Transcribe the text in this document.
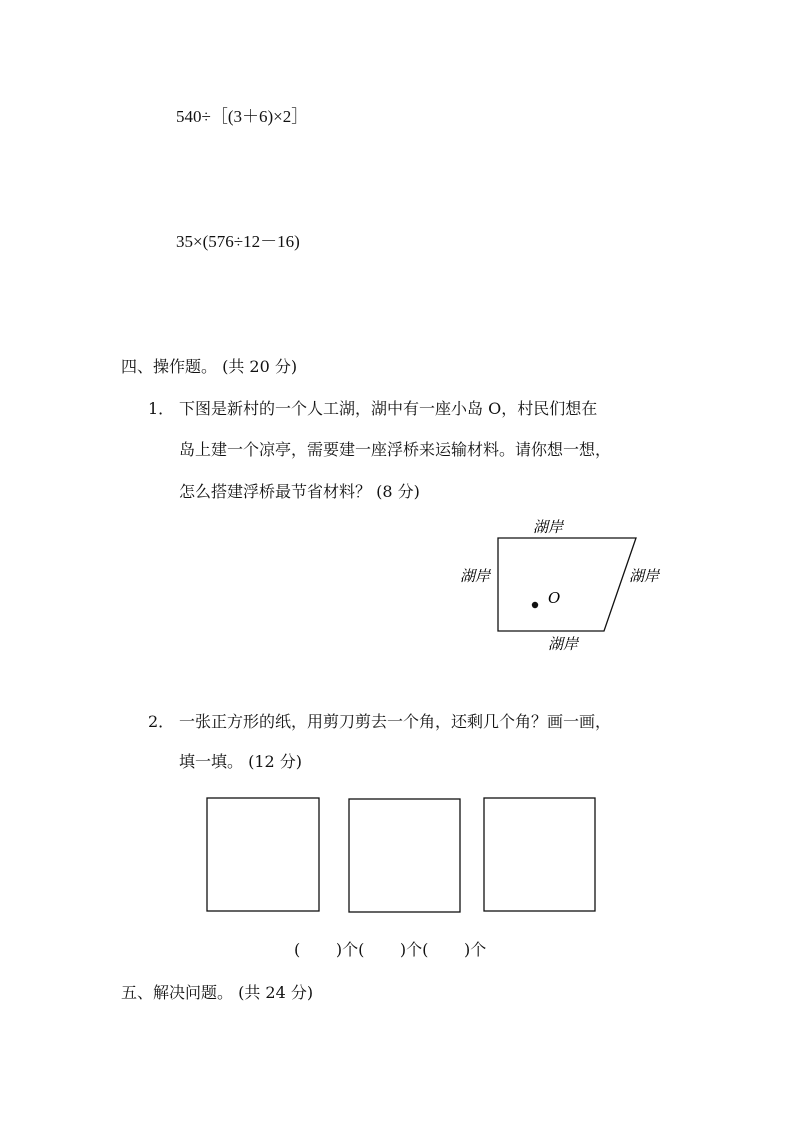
540÷［(3＋6)×2］
35×(576÷12－16)
四、操作题。 (共 20 分)
1． 下图是新村的一个人工湖，湖中有一座小岛 O，村民们想在
岛上建一个凉亭，需要建一座浮桥来运输材料。请你想一想，
怎么搭建浮桥最节省材料？ (8 分)
O
湖岸
湖岸	湖岸
湖岸
2． 一张正方形的纸，用剪刀剪去一个角，还剩几个角？画一画，
填一填。 (12 分)
(       )个(       )个(       )个
五、解决问题。 (共 24 分)
